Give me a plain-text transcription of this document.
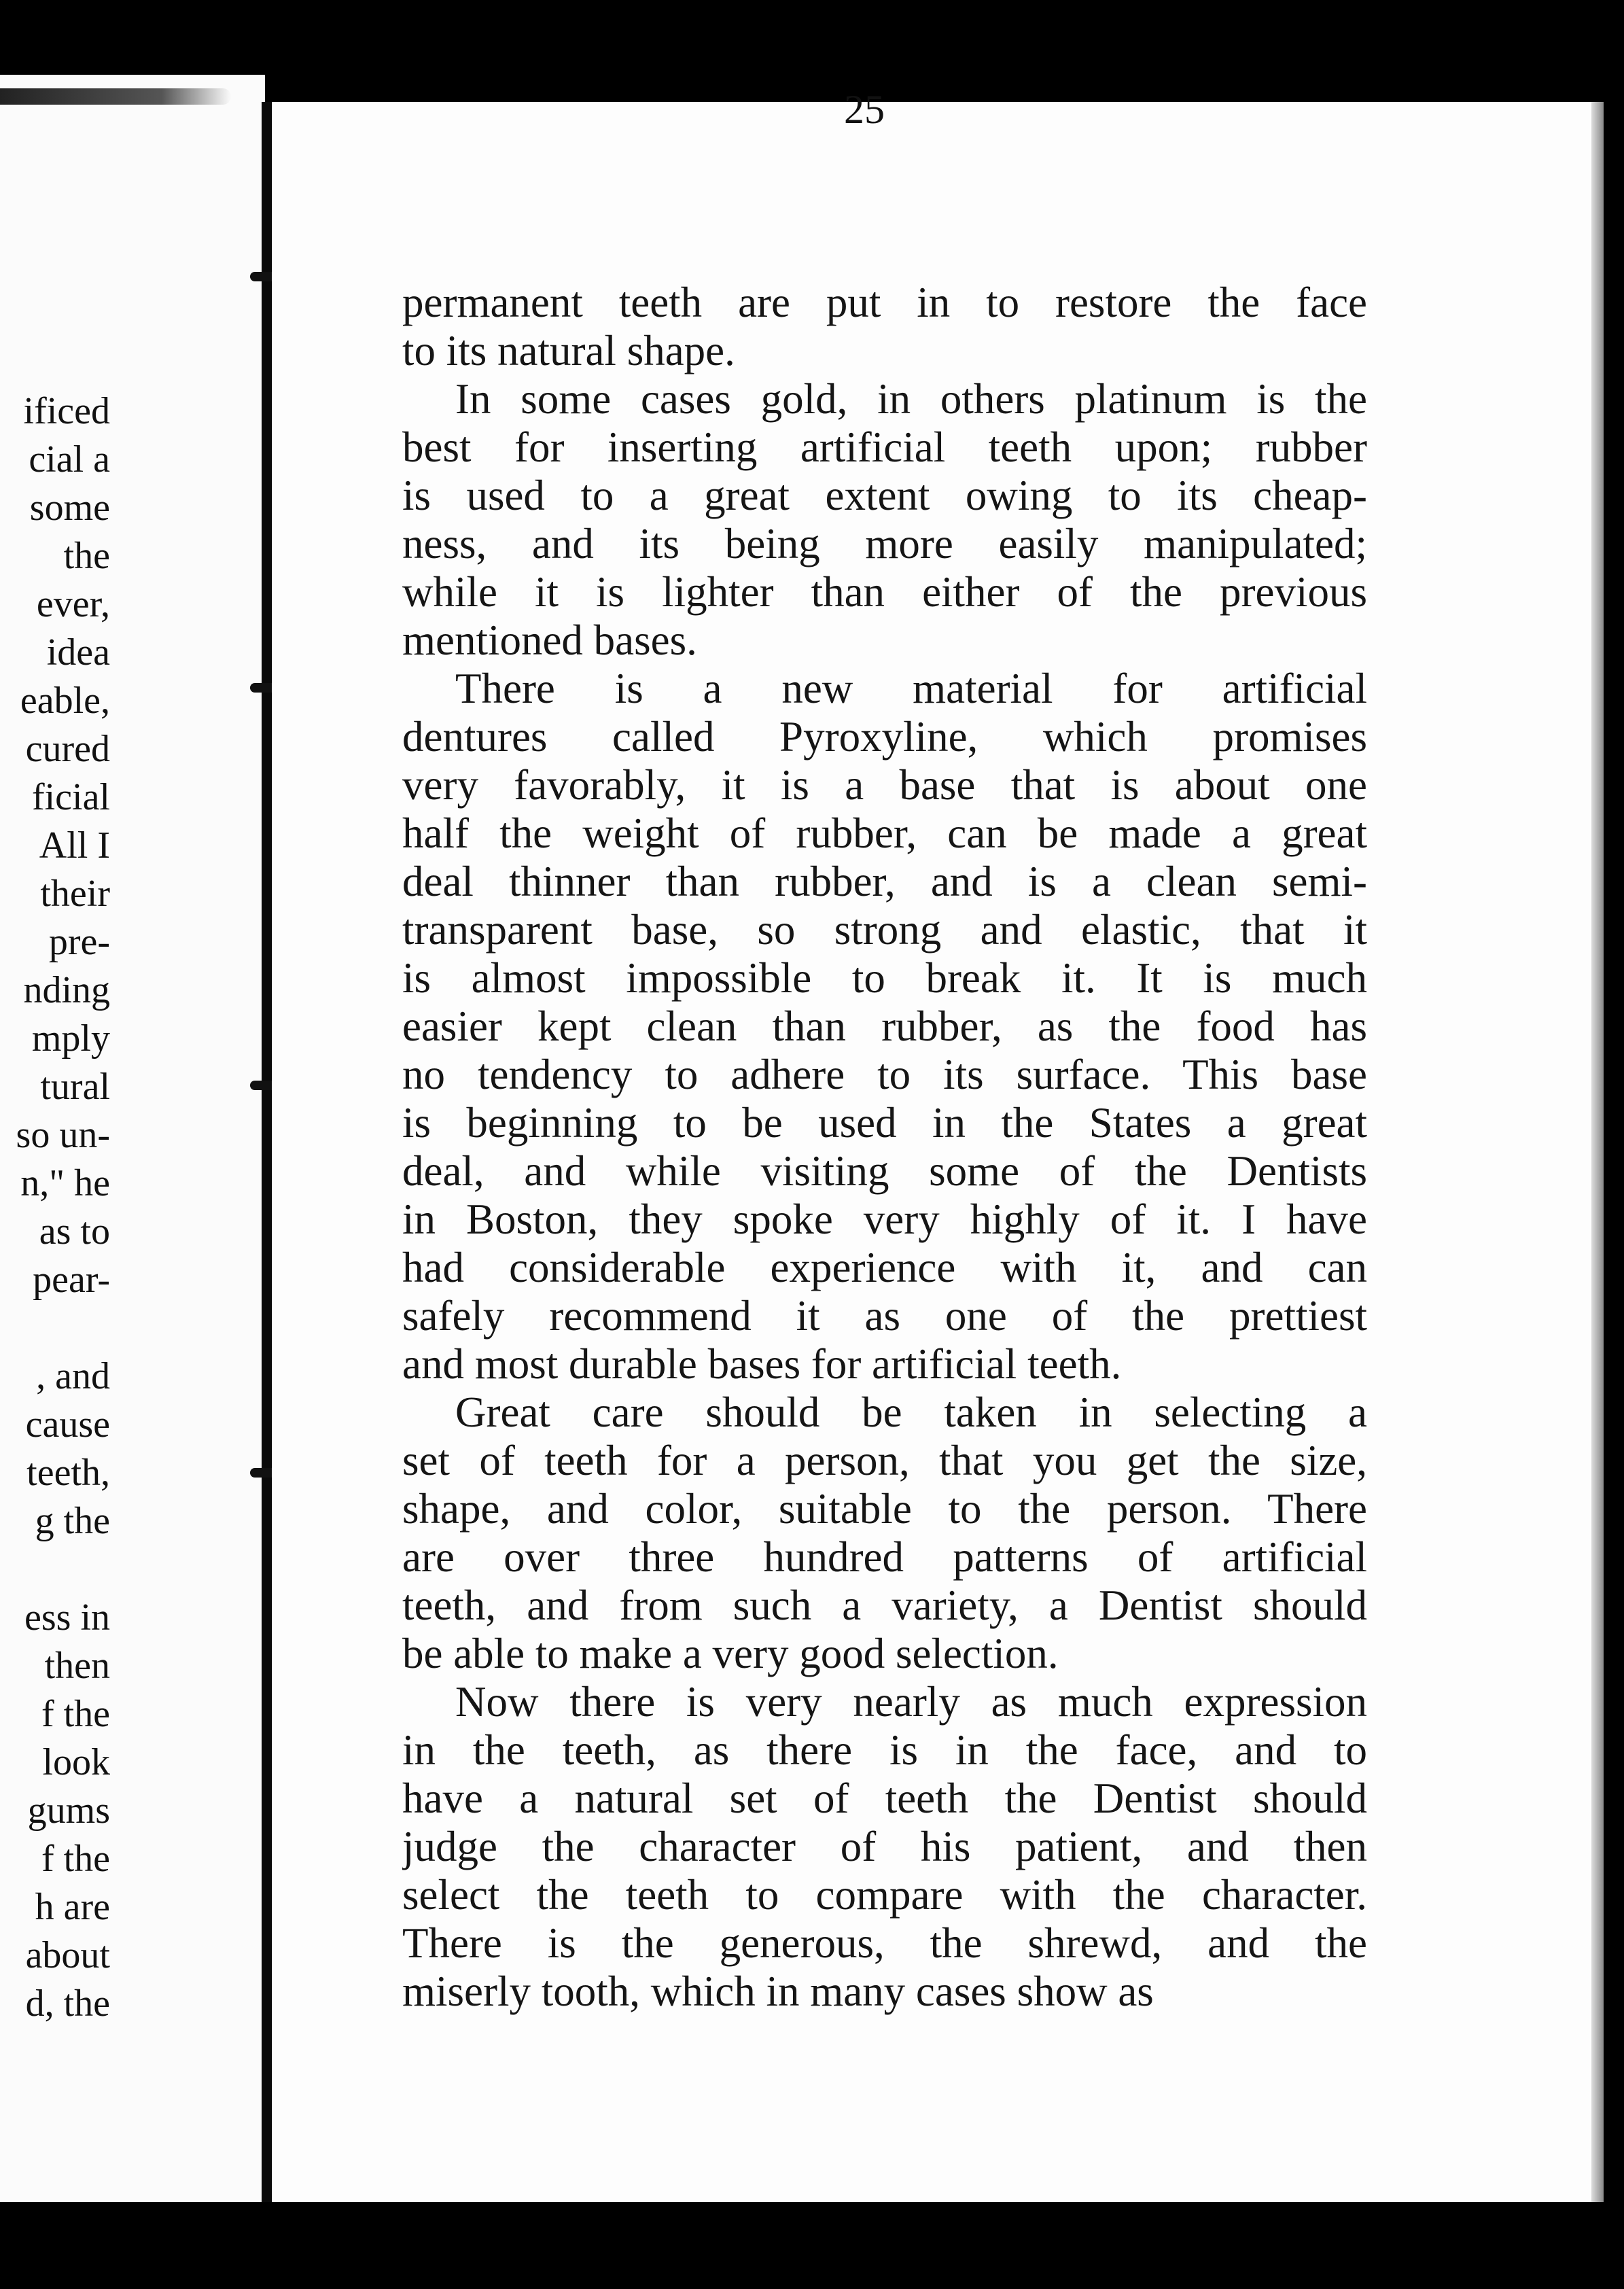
ificed
cial a
some
the
ever,
idea
eable,
cured
ficial
All I
their
pre-
nding
mply
tural
so un-
n," he
as to
pear-
, and
cause
teeth,
g the
ess in
then
f the
look
gums
f the
h are
about
d, the
25
permanent teeth are put in to restore the face
to its natural shape.
In some cases gold, in others platinum is the
best for inserting artificial teeth upon; rubber
is used to a great extent owing to its cheap-
ness, and its being more easily manipulated;
while it is lighter than either of the previous
mentioned bases.
There is a new material for artificial
dentures called Pyroxyline, which promises
very favorably, it is a base that is about one
half the weight of rubber, can be made a great
deal thinner than rubber, and is a clean semi-
transparent base, so strong and elastic, that it
is almost impossible to break it. It is much
easier kept clean than rubber, as the food has
no tendency to adhere to its surface. This base
is beginning to be used in the States a great
deal, and while visiting some of the Dentists
in Boston, they spoke very highly of it. I have
had considerable experience with it, and can
safely recommend it as one of the prettiest
and most durable bases for artificial teeth.
Great care should be taken in selecting a
set of teeth for a person, that you get the size,
shape, and color, suitable to the person. There
are over three hundred patterns of artificial
teeth, and from such a variety, a Dentist should
be able to make a very good selection.
Now there is very nearly as much expression
in the teeth, as there is in the face, and to
have a natural set of teeth the Dentist should
judge the character of his patient, and then
select the teeth to compare with the character.
There is the generous, the shrewd, and the
miserly tooth, which in many cases show as
